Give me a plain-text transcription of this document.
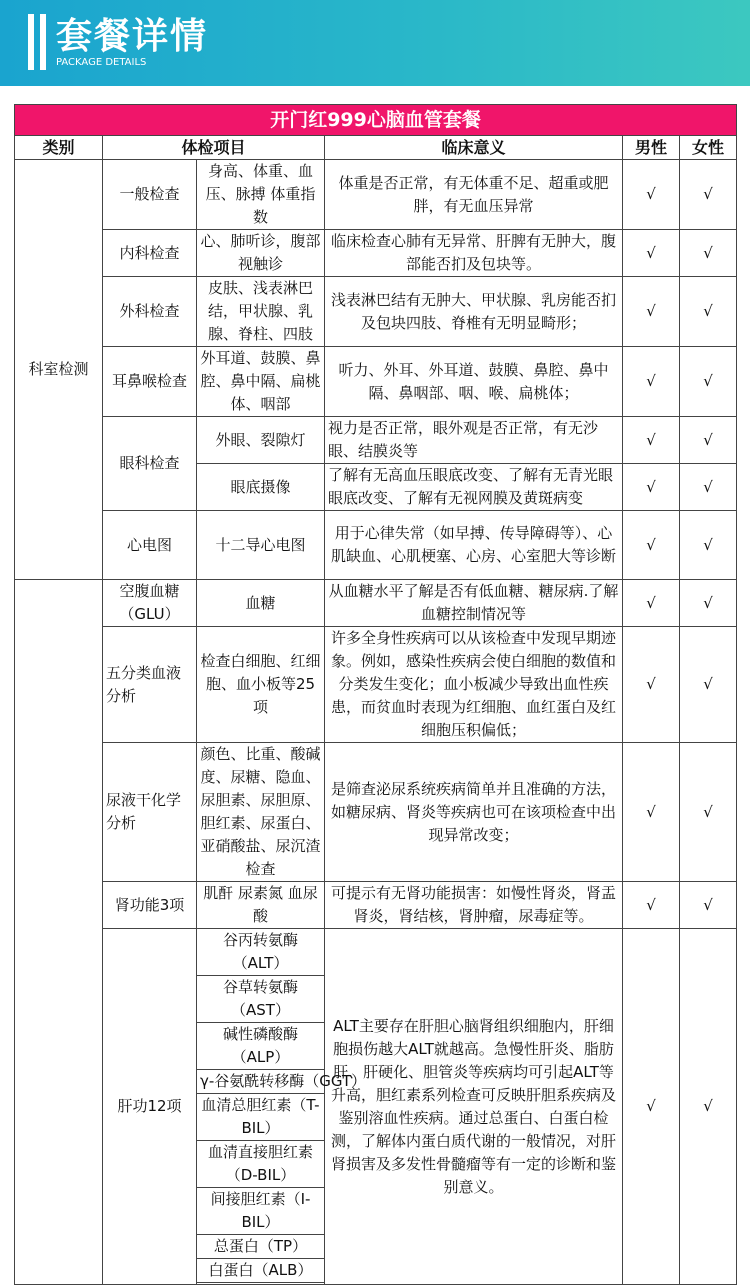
套餐详情
PACKAGE DETAILS
开门红999心脑血管套餐					
类别	体检项目		临床意义	男性	女性
科室检测	一般检查	身高、体重、血压、脉搏 体重指数	体重是否正常，有无体重不足、超重或肥胖，有无血压异常	√	√
	内科检查	心、肺听诊，腹部视触诊	临床检查心肺有无异常、肝脾有无肿大，腹部能否扪及包块等。	√	√
	外科检查	皮肤、浅表淋巴结，甲状腺、乳腺、脊柱、四肢	浅表淋巴结有无肿大、甲状腺、乳房能否扪及包块四肢、脊椎有无明显畸形；	√	√
	耳鼻喉检查	外耳道、鼓膜、鼻腔、鼻中隔、扁桃体、咽部	听力、外耳、外耳道、鼓膜、鼻腔、鼻中隔、鼻咽部、咽、喉、扁桃体；	√	√
	眼科检查	外眼、裂隙灯	视力是否正常，眼外观是否正常，有无沙眼、结膜炎等	√	√
		眼底摄像	了解有无高血压眼底改变、了解有无青光眼眼底改变、了解有无视网膜及黄斑病变	√	√
	心电图	十二导心电图	用于心律失常（如早搏、传导障碍等）、心肌缺血、心肌梗塞、心房、心室肥大等诊断	√	√
	空腹血糖（GLU）	血糖	从血糖水平了解是否有低血糖、糖尿病.了解血糖控制情况等	√	√
	五分类血液分析	检查白细胞、红细胞、血小板等25项	许多全身性疾病可以从该检查中发现早期迹象。例如，感染性疾病会使白细胞的数值和分类发生变化；血小板减少导致出血性疾患，而贫血时表现为红细胞、血红蛋白及红细胞压积偏低；	√	√
	尿液干化学分析	颜色、比重、酸碱度、尿糖、隐血、尿胆素、尿胆原、胆红素、尿蛋白、亚硝酸盐、尿沉渣检查	是筛查泌尿系统疾病简单并且准确的方法，如糖尿病、肾炎等疾病也可在该项检查中出现异常改变；	√	√
	肾功能3项	肌酐 尿素氮 血尿酸	可提示有无肾功能损害：如慢性肾炎，肾盂肾炎，肾结核，肾肿瘤，尿毒症等。	√	√
	肝功12项	谷丙转氨酶（ALT）	ALT主要存在肝胆心脑肾组织细胞内，肝细胞损伤越大ALT就越高。急慢性肝炎、脂肪肝、肝硬化、胆管炎等疾病均可引起ALT等升高，胆红素系列检查可反映肝胆系疾病及鉴别溶血性疾病。通过总蛋白、白蛋白检测，了解体内蛋白质代谢的一般情况，对肝肾损害及多发性骨髓瘤等有一定的诊断和鉴别意义。	√	√
		谷草转氨酶（AST）			
		碱性磷酸酶（ALP）			
		γ-谷氨酰转移酶（GGT）			
		血清总胆红素（T-BIL）			
		血清直接胆红素（D-BIL）			
		间接胆红素（I-BIL）			
		总蛋白（TP）			
		白蛋白（ALB）			
